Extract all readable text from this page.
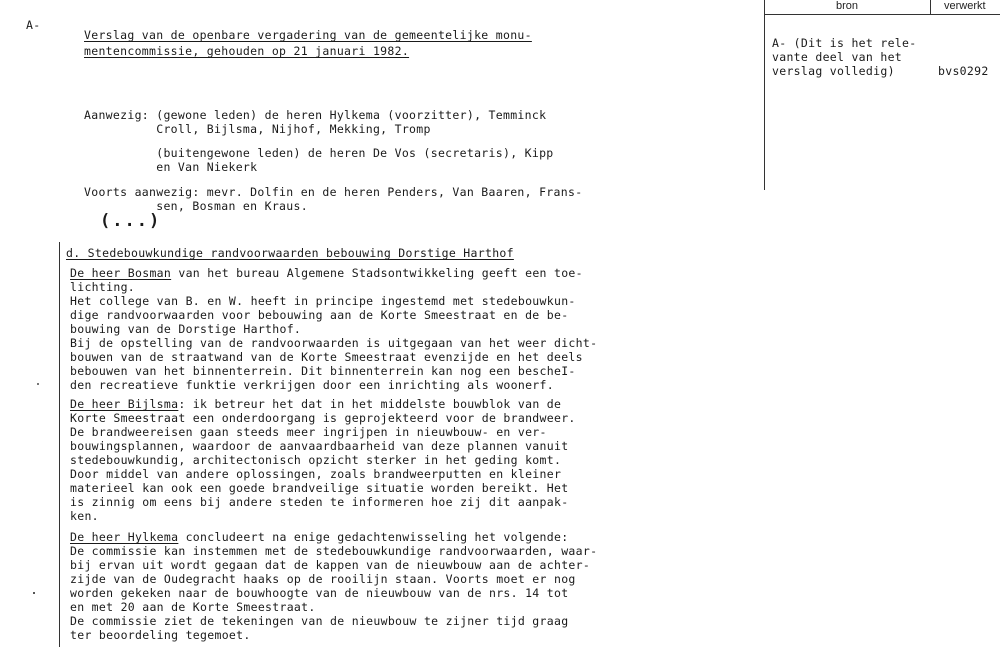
A-
Verslag van de openbare vergadering van de gemeentelijke monu-
mentencommissie, gehouden op 21 januari 1982.
Aanwezig: (gewone leden) de heren Hylkema (voorzitter), Temminck
Croll, Bijlsma, Nijhof, Mekking, Tromp
(buitengewone leden) de heren De Vos (secretaris), Kipp
en Van Niekerk
Voorts aanwezig: mevr. Dolfin en de heren Penders, Van Baaren, Frans-
sen, Bosman en Kraus.
(...)
d. Stedebouwkundige randvoorwaarden bebouwing Dorstige Harthof
De heer Bosman van het bureau Algemene Stadsontwikkeling geeft een toe-
lichting.
Het college van B. en W. heeft in principe ingestemd met stedebouwkun-
dige randvoorwaarden voor bebouwing aan de Korte Smeestraat en de be-
bouwing van de Dorstige Harthof.
Bij de opstelling van de randvoorwaarden is uitgegaan van het weer dicht-
bouwen van de straatwand van de Korte Smeestraat evenzijde en het deels
bebouwen van het binnenterrein. Dit binnenterrein kan nog een bescheI-
den recreatieve funktie verkrijgen door een inrichting als woonerf.
De heer Bijlsma: ik betreur het dat in het middelste bouwblok van de
Korte Smeestraat een onderdoorgang is geprojekteerd voor de brandweer.
De brandweereisen gaan steeds meer ingrijpen in nieuwbouw- en ver-
bouwingsplannen, waardoor de aanvaardbaarheid van deze plannen vanuit
stedebouwkundig, architectonisch opzicht sterker in het geding komt.
Door middel van andere oplossingen, zoals brandweerputten en kleiner
materieel kan ook een goede brandveilige situatie worden bereikt. Het
is zinnig om eens bij andere steden te informeren hoe zij dit aanpak-
ken.
De heer Hylkema concludeert na enige gedachtenwisseling het volgende:
De commissie kan instemmen met de stedebouwkundige randvoorwaarden, waar-
bij ervan uit wordt gegaan dat de kappen van de nieuwbouw aan de achter-
zijde van de Oudegracht haaks op de rooilijn staan. Voorts moet er nog
worden gekeken naar de bouwhoogte van de nieuwbouw van de nrs. 14 tot
en met 20 aan de Korte Smeestraat.
De commissie ziet de tekeningen van de nieuwbouw te zijner tijd graag
ter beoordeling tegemoet.
bron	verwerkt
A- (Dit is het rele-
vante deel van het
verslag volledig)	bvs0292
